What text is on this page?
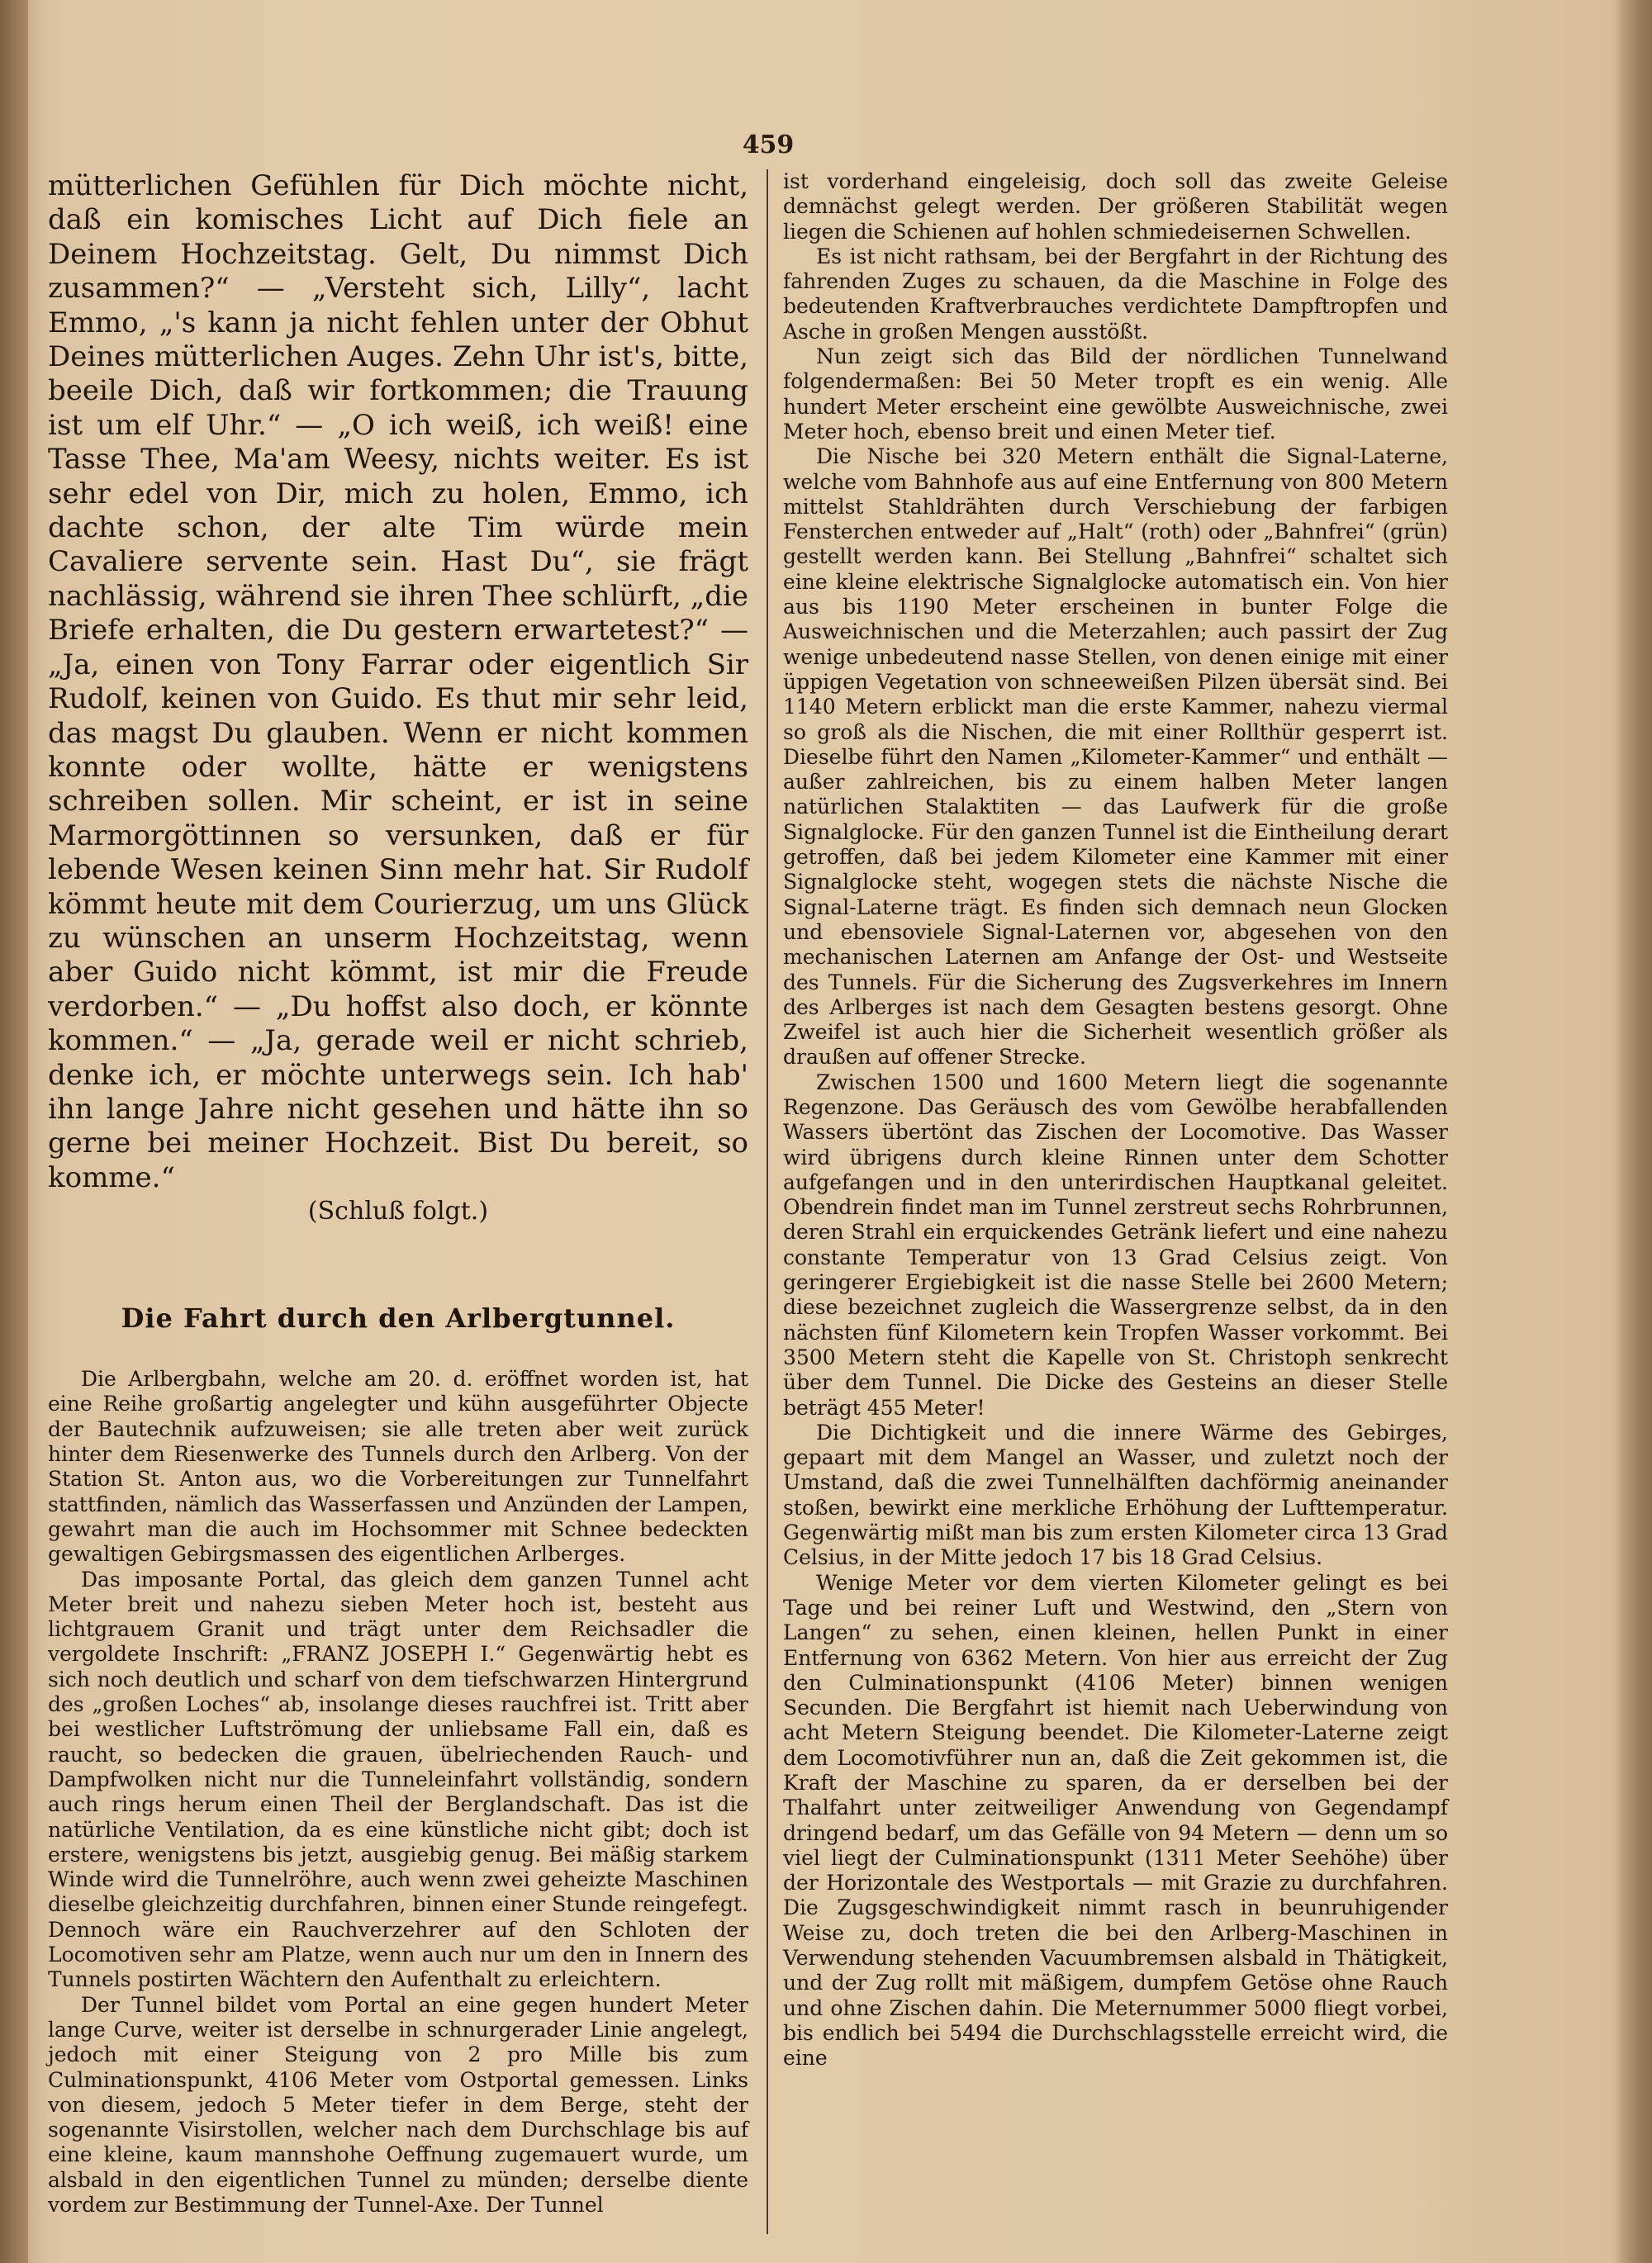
459

mütterlichen Gefühlen für Dich möchte nicht, daß ein komisches Licht auf Dich fiele an Deinem Hochzeitstag. Gelt, Du nimmst Dich zusammen?“ — „Versteht sich, Lilly“, lacht Emmo, „'s kann ja nicht fehlen unter der Obhut Deines mütterlichen Auges. Zehn Uhr ist's, bitte, beeile Dich, daß wir fortkommen; die Trauung ist um elf Uhr.“ — „O ich weiß, ich weiß! eine Tasse Thee, Ma'am Weesy, nichts weiter. Es ist sehr edel von Dir, mich zu holen, Emmo, ich dachte schon, der alte Tim würde mein Cavaliere servente sein. Hast Du“, sie frägt nachlässig, während sie ihren Thee schlürft, „die Briefe erhalten, die Du gestern erwartetest?“ — „Ja, einen von Tony Farrar oder eigentlich Sir Rudolf, keinen von Guido. Es thut mir sehr leid, das magst Du glauben. Wenn er nicht kommen konnte oder wollte, hätte er wenigstens schreiben sollen. Mir scheint, er ist in seine Marmorgöttinnen so versunken, daß er für lebende Wesen keinen Sinn mehr hat. Sir Rudolf kömmt heute mit dem Courierzug, um uns Glück zu wünschen an unserm Hochzeitstag, wenn aber Guido nicht kömmt, ist mir die Freude verdorben.“ — „Du hoffst also doch, er könnte kommen.“ — „Ja, gerade weil er nicht schrieb, denke ich, er möchte unterwegs sein. Ich hab' ihn lange Jahre nicht gesehen und hätte ihn so gerne bei meiner Hochzeit. Bist Du bereit, so komme.“

(Schluß folgt.)

Die Fahrt durch den Arlbergtunnel.

Die Arlbergbahn, welche am 20. d. eröffnet worden ist, hat eine Reihe großartig angelegter und kühn ausgeführter Objecte der Bautechnik aufzuweisen; sie alle treten aber weit zurück hinter dem Riesenwerke des Tunnels durch den Arlberg. Von der Station St. Anton aus, wo die Vorbereitungen zur Tunnelfahrt stattfinden, nämlich das Wasserfassen und Anzünden der Lampen, gewahrt man die auch im Hochsommer mit Schnee bedeckten gewaltigen Gebirgsmassen des eigentlichen Arlberges.

Das imposante Portal, das gleich dem ganzen Tunnel acht Meter breit und nahezu sieben Meter hoch ist, besteht aus lichtgrauem Granit und trägt unter dem Reichsadler die vergoldete Inschrift: „FRANZ JOSEPH I.“ Gegenwärtig hebt es sich noch deutlich und scharf von dem tiefschwarzen Hintergrund des „großen Loches“ ab, insolange dieses rauchfrei ist. Tritt aber bei westlicher Luftströmung der unliebsame Fall ein, daß es raucht, so bedecken die grauen, übelriechenden Rauch- und Dampfwolken nicht nur die Tunneleinfahrt vollständig, sondern auch rings herum einen Theil der Berglandschaft. Das ist die natürliche Ventilation, da es eine künstliche nicht gibt; doch ist erstere, wenigstens bis jetzt, ausgiebig genug. Bei mäßig starkem Winde wird die Tunnelröhre, auch wenn zwei geheizte Maschinen dieselbe gleichzeitig durchfahren, binnen einer Stunde reingefegt. Dennoch wäre ein Rauchverzehrer auf den Schloten der Locomotiven sehr am Platze, wenn auch nur um den in Innern des Tunnels postirten Wächtern den Aufenthalt zu erleichtern.

Der Tunnel bildet vom Portal an eine gegen hundert Meter lange Curve, weiter ist derselbe in schnurgerader Linie angelegt, jedoch mit einer Steigung von 2 pro Mille bis zum Culminationspunkt, 4106 Meter vom Ostportal gemessen. Links von diesem, jedoch 5 Meter tiefer in dem Berge, steht der sogenannte Visirstollen, welcher nach dem Durchschlage bis auf eine kleine, kaum mannshohe Oeffnung zugemauert wurde, um alsbald in den eigentlichen Tunnel zu münden; derselbe diente vordem zur Bestimmung der Tunnel-Axe. Der Tunnel

ist vorderhand eingeleisig, doch soll das zweite Geleise demnächst gelegt werden. Der größeren Stabilität wegen liegen die Schienen auf hohlen schmiedeisernen Schwellen.

Es ist nicht rathsam, bei der Bergfahrt in der Richtung des fahrenden Zuges zu schauen, da die Maschine in Folge des bedeutenden Kraftverbrauches verdichtete Dampftropfen und Asche in großen Mengen ausstößt.

Nun zeigt sich das Bild der nördlichen Tunnelwand folgendermaßen: Bei 50 Meter tropft es ein wenig. Alle hundert Meter erscheint eine gewölbte Ausweichnische, zwei Meter hoch, ebenso breit und einen Meter tief.

Die Nische bei 320 Metern enthält die Signal-Laterne, welche vom Bahnhofe aus auf eine Entfernung von 800 Metern mittelst Stahldrähten durch Verschiebung der farbigen Fensterchen entweder auf „Halt“ (roth) oder „Bahnfrei“ (grün) gestellt werden kann. Bei Stellung „Bahnfrei“ schaltet sich eine kleine elektrische Signalglocke automatisch ein. Von hier aus bis 1190 Meter erscheinen in bunter Folge die Ausweichnischen und die Meterzahlen; auch passirt der Zug wenige unbedeutend nasse Stellen, von denen einige mit einer üppigen Vegetation von schneeweißen Pilzen übersät sind. Bei 1140 Metern erblickt man die erste Kammer, nahezu viermal so groß als die Nischen, die mit einer Rollthür gesperrt ist. Dieselbe führt den Namen „Kilometer-Kammer“ und enthält — außer zahlreichen, bis zu einem halben Meter langen natürlichen Stalaktiten — das Laufwerk für die große Signalglocke. Für den ganzen Tunnel ist die Eintheilung derart getroffen, daß bei jedem Kilometer eine Kammer mit einer Signalglocke steht, wogegen stets die nächste Nische die Signal-Laterne trägt. Es finden sich demnach neun Glocken und ebensoviele Signal-Laternen vor, abgesehen von den mechanischen Laternen am Anfange der Ost- und Westseite des Tunnels. Für die Sicherung des Zugsverkehres im Innern des Arlberges ist nach dem Gesagten bestens gesorgt. Ohne Zweifel ist auch hier die Sicherheit wesentlich größer als draußen auf offener Strecke.

Zwischen 1500 und 1600 Metern liegt die sogenannte Regenzone. Das Geräusch des vom Gewölbe herabfallenden Wassers übertönt das Zischen der Locomotive. Das Wasser wird übrigens durch kleine Rinnen unter dem Schotter aufgefangen und in den unterirdischen Hauptkanal geleitet. Obendrein findet man im Tunnel zerstreut sechs Rohrbrunnen, deren Strahl ein erquickendes Getränk liefert und eine nahezu constante Temperatur von 13 Grad Celsius zeigt. Von geringerer Ergiebigkeit ist die nasse Stelle bei 2600 Metern; diese bezeichnet zugleich die Wassergrenze selbst, da in den nächsten fünf Kilometern kein Tropfen Wasser vorkommt. Bei 3500 Metern steht die Kapelle von St. Christoph senkrecht über dem Tunnel. Die Dicke des Gesteins an dieser Stelle beträgt 455 Meter!

Die Dichtigkeit und die innere Wärme des Gebirges, gepaart mit dem Mangel an Wasser, und zuletzt noch der Umstand, daß die zwei Tunnelhälften dachförmig aneinander stoßen, bewirkt eine merkliche Erhöhung der Lufttemperatur. Gegenwärtig mißt man bis zum ersten Kilometer circa 13 Grad Celsius, in der Mitte jedoch 17 bis 18 Grad Celsius.

Wenige Meter vor dem vierten Kilometer gelingt es bei Tage und bei reiner Luft und Westwind, den „Stern von Langen“ zu sehen, einen kleinen, hellen Punkt in einer Entfernung von 6362 Metern. Von hier aus erreicht der Zug den Culminationspunkt (4106 Meter) binnen wenigen Secunden. Die Bergfahrt ist hiemit nach Ueberwindung von acht Metern Steigung beendet. Die Kilometer-Laterne zeigt dem Locomotivführer nun an, daß die Zeit gekommen ist, die Kraft der Maschine zu sparen, da er derselben bei der Thalfahrt unter zeitweiliger Anwendung von Gegendampf dringend bedarf, um das Gefälle von 94 Metern — denn um so viel liegt der Culminationspunkt (1311 Meter Seehöhe) über der Horizontale des Westportals — mit Grazie zu durchfahren. Die Zugsgeschwindigkeit nimmt rasch in beunruhigender Weise zu, doch treten die bei den Arlberg-Maschinen in Verwendung stehenden Vacuumbremsen alsbald in Thätigkeit, und der Zug rollt mit mäßigem, dumpfem Getöse ohne Rauch und ohne Zischen dahin. Die Meternummer 5000 fliegt vorbei, bis endlich bei 5494 die Durchschlagsstelle erreicht wird, die eine
